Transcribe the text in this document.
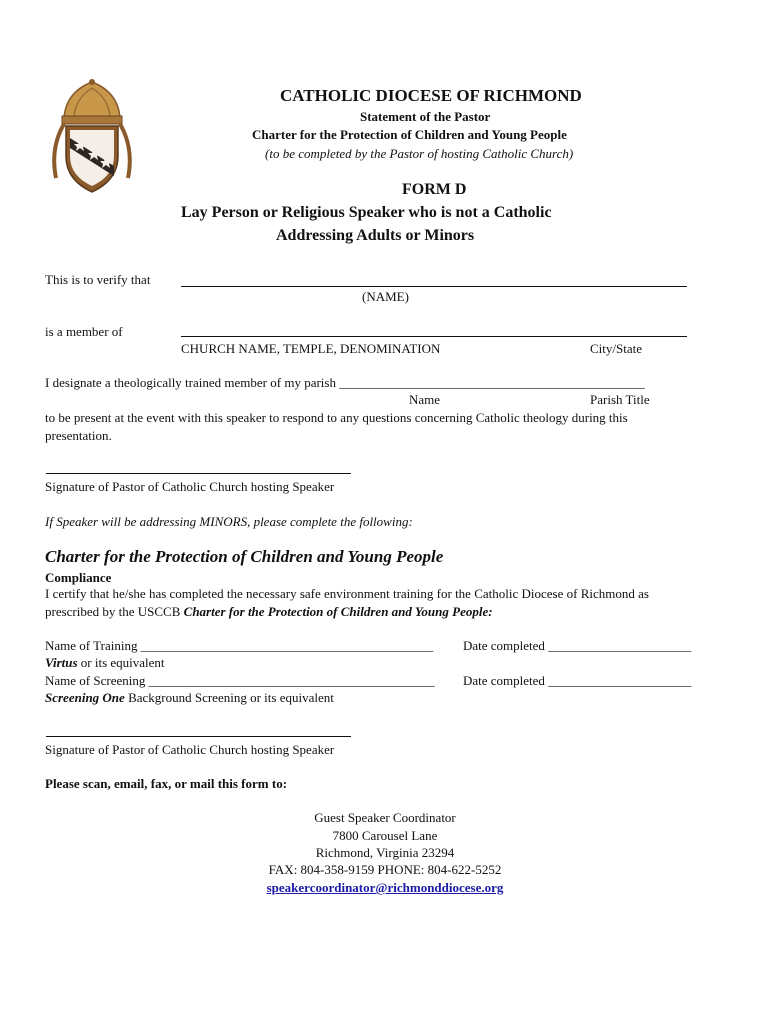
CATHOLIC DIOCESE OF RICHMOND
Statement of the Pastor
Charter for the Protection of Children and Young People
(to be completed by the Pastor of hosting Catholic Church)
FORM D
Lay Person or Religious Speaker who is not a Catholic
Addressing Adults or Minors
This is to verify that
(NAME)
is a member of
CHURCH NAME, TEMPLE, DENOMINATION	City/State
I designate a theologically trained member of my parish _______________________________________________
Name	Parish Title
to be present at the event with this speaker to respond to any questions concerning Catholic theology during this
presentation.
Signature of Pastor of Catholic Church hosting Speaker
If Speaker will be addressing MINORS, please complete the following:
Charter for the Protection of Children and Young People
Compliance
I certify that he/she has completed the necessary safe environment training for the Catholic Diocese of Richmond as
prescribed by the USCCB Charter for the Protection of Children and Young People:
Name of Training _____________________________________________ Date completed ______________________
Virtus or its equivalent
Name of Screening ____________________________________________ Date completed ______________________
Screening One Background Screening or its equivalent
Signature of Pastor of Catholic Church hosting Speaker
Please scan, email, fax, or mail this form to:
Guest Speaker Coordinator
7800 Carousel Lane
Richmond, Virginia 23294
FAX: 804-358-9159 PHONE: 804-622-5252
speakercoordinator@richmonddiocese.org
